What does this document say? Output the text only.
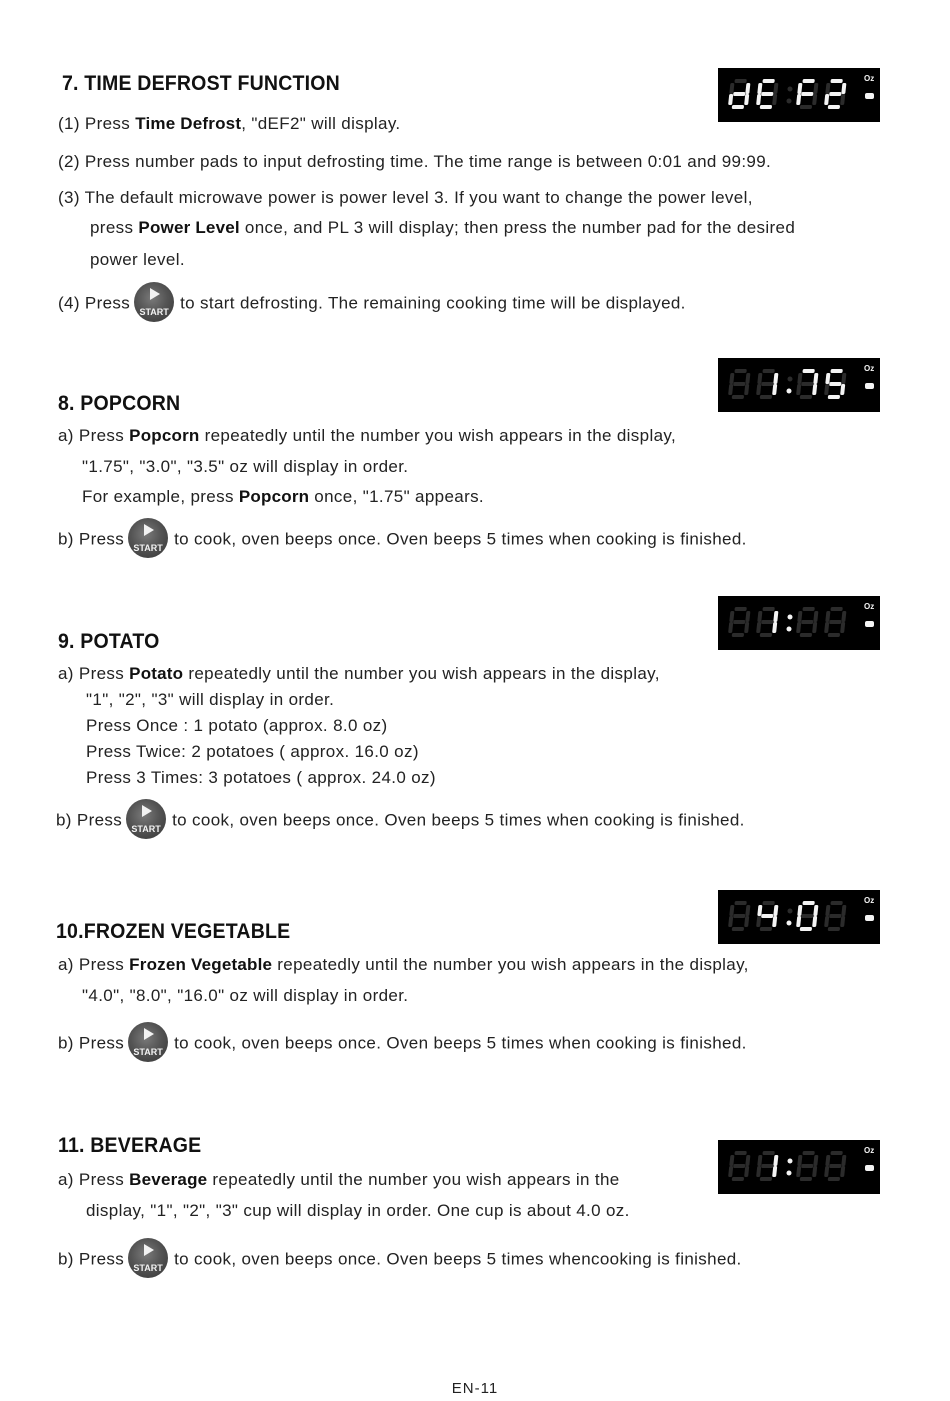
7. TIME DEFROST FUNCTION	Oz
(1) Press Time Defrost, "dEF2" will display.
(2) Press number pads to input defrosting time. The time range is between 0:01 and 99:99.
(3) The default microwave power is power level 3. If you want to change the power level,
press Power Level once, and PL 3 will display; then press the number pad for the desired
power level.
(4) Press	START to start defrosting. The remaining cooking time will be displayed.
Oz
8. POPCORN
a) Press Popcorn repeatedly until the number you wish appears in the display,
"1.75", "3.0", "3.5" oz will display in order.
For example, press Popcorn once, "1.75" appears.
b) Press	START to cook, oven beeps once. Oven beeps 5 times when cooking is finished.
Oz
9. POTATO
a) Press Potato repeatedly until the number you wish appears in the display,
"1", "2", "3" will display in order.
Press Once : 1 potato (approx. 8.0 oz)
Press Twice: 2 potatoes ( approx. 16.0 oz)
Press 3 Times: 3 potatoes ( approx. 24.0 oz)
b) Press	START to cook, oven beeps once. Oven beeps 5 times when cooking is finished.
Oz
10.FROZEN VEGETABLE
a) Press Frozen Vegetable repeatedly until the number you wish appears in the display,
"4.0", "8.0", "16.0" oz will display in order.
b) Press	START to cook, oven beeps once. Oven beeps 5 times when cooking is finished.
11. BEVERAGE	Oz
a) Press Beverage repeatedly until the number you wish appears in the
display, "1", "2", "3" cup will display in order. One cup is about 4.0 oz.
b) Press	START to cook, oven beeps once. Oven beeps 5 times whencooking is finished.
EN-11
